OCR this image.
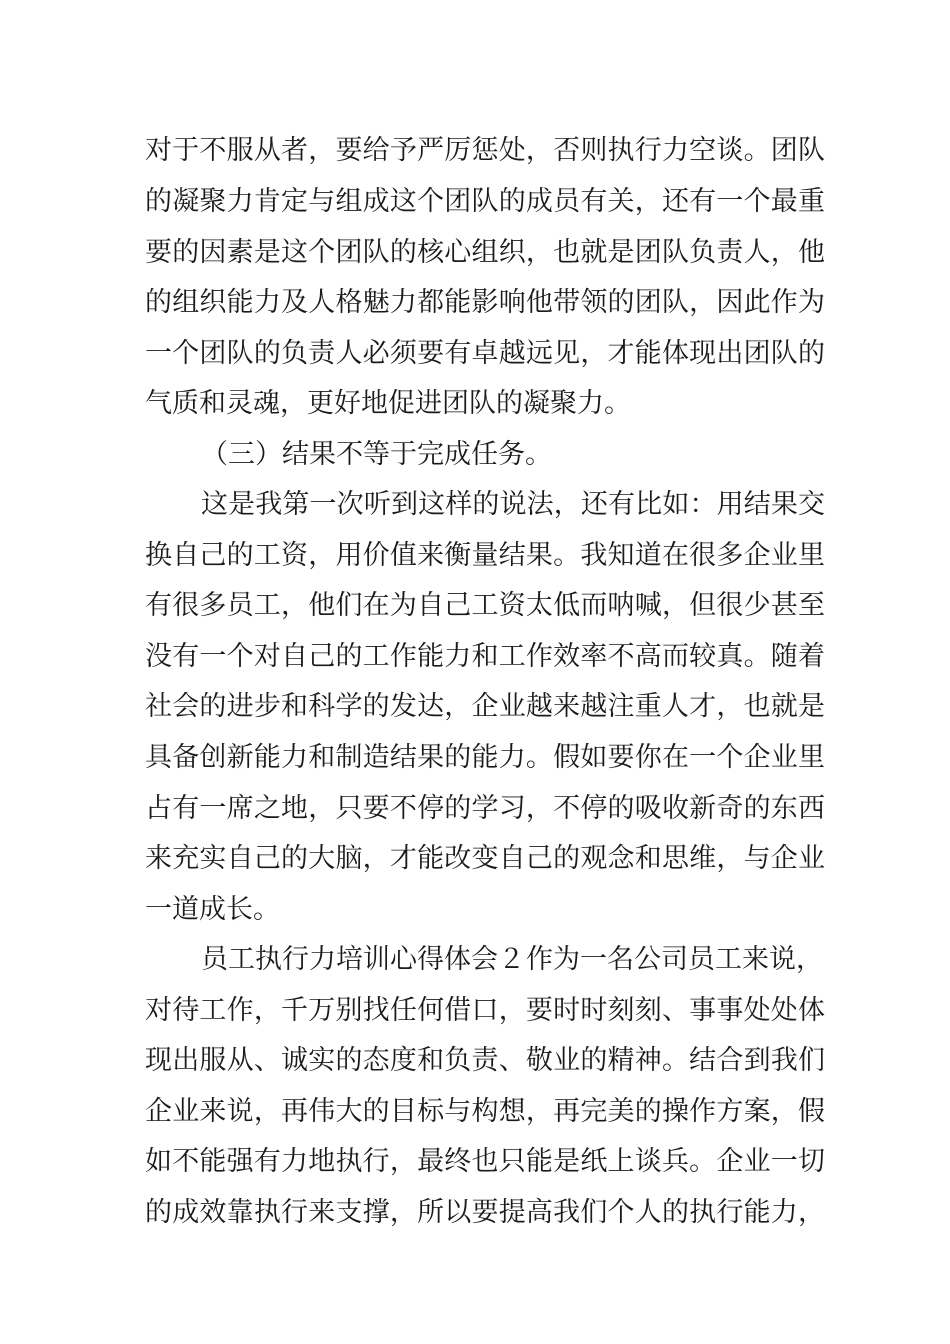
对于不服从者，要给予严厉惩处，否则执行力空谈。团队
的凝聚力肯定与组成这个团队的成员有关，还有一个最重
要的因素是这个团队的核心组织，也就是团队负责人，他
的组织能力及人格魅力都能影响他带领的团队，因此作为
一个团队的负责人必须要有卓越远见，才能体现出团队的
气质和灵魂，更好地促进团队的凝聚力。
（三）结果不等于完成任务。
这是我第一次听到这样的说法，还有比如：用结果交
换自己的工资，用价值来衡量结果。我知道在很多企业里
有很多员工，他们在为自己工资太低而呐喊，但很少甚至
没有一个对自己的工作能力和工作效率不高而较真。随着
社会的进步和科学的发达，企业越来越注重人才，也就是
具备创新能力和制造结果的能力。假如要你在一个企业里
占有一席之地，只要不停的学习，不停的吸收新奇的东西
来充实自己的大脑，才能改变自己的观念和思维，与企业
一道成长。
员工执行力培训心得体会２作为一名公司员工来说，
对待工作，千万别找任何借口，要时时刻刻、事事处处体
现出服从、诚实的态度和负责、敬业的精神。结合到我们
企业来说，再伟大的目标与构想，再完美的操作方案，假
如不能强有力地执行，最终也只能是纸上谈兵。企业一切
的成效靠执行来支撑，所以要提高我们个人的执行能力，
